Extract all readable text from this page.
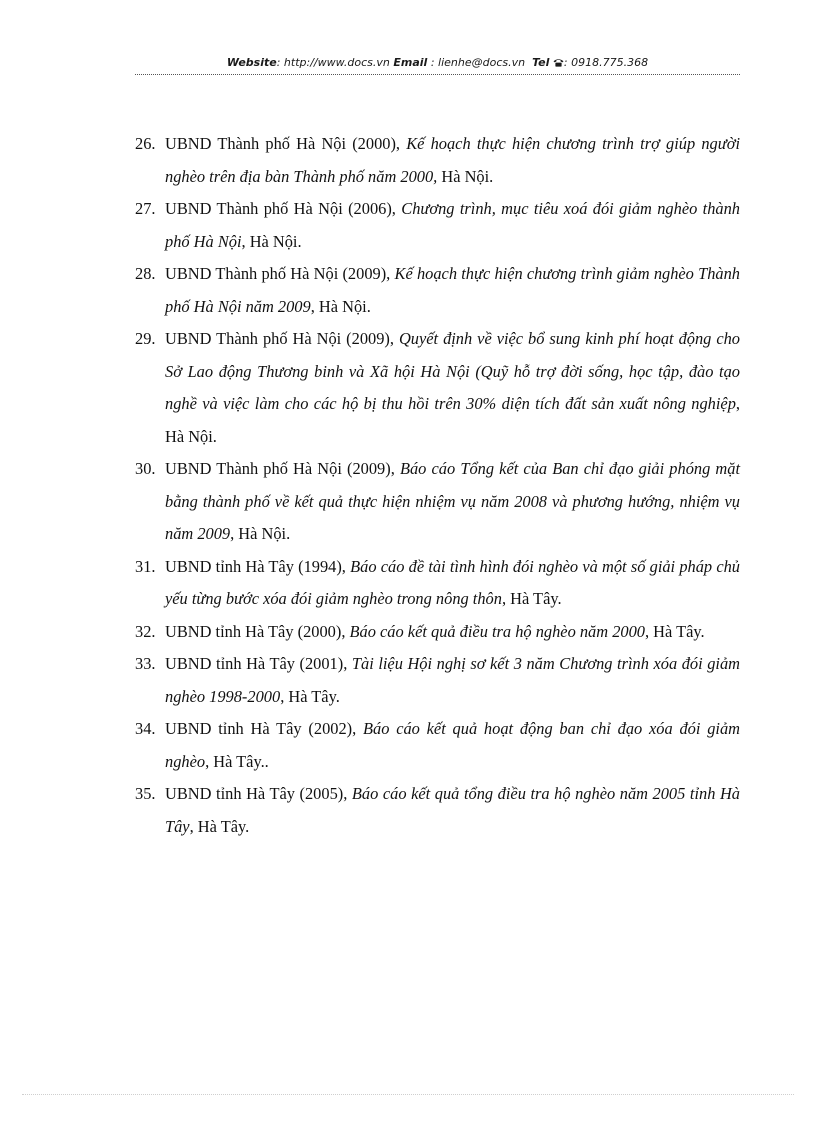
Website: http://www.docs.vn Email : lienhe@docs.vn Tel : 0918.775.368
26. UBND Thành phố Hà Nội (2000), Kế hoạch thực hiện chương trình trợ giúp người nghèo trên địa bàn Thành phố năm 2000, Hà Nội.
27. UBND Thành phố Hà Nội (2006), Chương trình, mục tiêu xoá đói giảm nghèo thành phố Hà Nội, Hà Nội.
28. UBND Thành phố Hà Nội (2009), Kế hoạch thực hiện chương trình giảm nghèo Thành phố Hà Nội năm 2009, Hà Nội.
29. UBND Thành phố Hà Nội (2009), Quyết định về việc bổ sung kinh phí hoạt động cho Sở Lao động Thương binh và Xã hội Hà Nội (Quỹ hỗ trợ đời sống, học tập, đào tạo nghề và việc làm cho các hộ bị thu hồi trên 30% diện tích đất sản xuất nông nghiệp, Hà Nội.
30. UBND Thành phố Hà Nội (2009), Báo cáo Tổng kết của Ban chỉ đạo giải phóng mặt bằng thành phố về kết quả thực hiện nhiệm vụ năm 2008 và phương hướng, nhiệm vụ năm 2009, Hà Nội.
31. UBND tỉnh Hà Tây (1994), Báo cáo đề tài tình hình đói nghèo và một số giải pháp chủ yếu từng bước xóa đói giảm nghèo trong nông thôn, Hà Tây.
32. UBND tỉnh Hà Tây (2000), Báo cáo kết quả điều tra hộ nghèo năm 2000, Hà Tây.
33. UBND tỉnh Hà Tây (2001), Tài liệu Hội nghị sơ kết 3 năm Chương trình xóa đói giảm nghèo 1998-2000, Hà Tây.
34. UBND tỉnh Hà Tây (2002), Báo cáo kết quả hoạt động ban chỉ đạo xóa đói giảm nghèo, Hà Tây..
35. UBND tỉnh Hà Tây (2005), Báo cáo kết quả tổng điều tra hộ nghèo năm 2005 tỉnh Hà Tây, Hà Tây.
